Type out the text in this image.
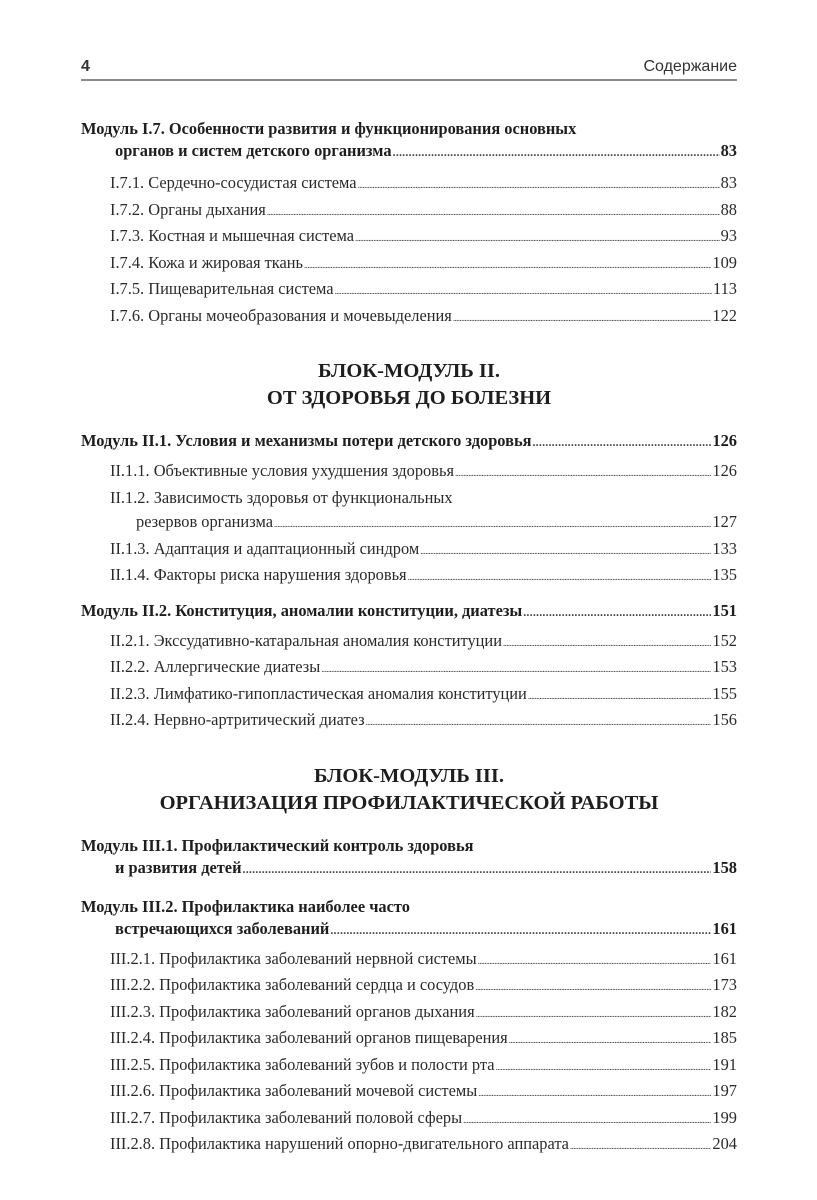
4	Содержание
Модуль I.7. Особенности развития и функционирования основных
органов и систем детского организма .....	83
I.7.1. Сердечно-сосудистая система .....	83
I.7.2. Органы дыхания .....	88
I.7.3. Костная и мышечная система .....	93
I.7.4. Кожа и жировая ткань .....	109
I.7.5. Пищеварительная система .....	113
I.7.6. Органы мочеобразования и мочевыделения .....	122
БЛОК-МОДУЛЬ II.
ОТ ЗДОРОВЬЯ ДО БОЛЕЗНИ
Модуль II.1. Условия и механизмы потери детского здоровья .....	126
II.1.1. Объективные условия ухудшения здоровья .....	126
II.1.2. Зависимость здоровья от функциональных
резервов организма .....	127
II.1.3. Адаптация и адаптационный синдром .....	133
II.1.4. Факторы риска нарушения здоровья .....	135
Модуль II.2. Конституция, аномалии конституции, диатезы .....	151
II.2.1. Экссудативно-катаральная аномалия конституции .....	152
II.2.2. Аллергические диатезы .....	153
II.2.3. Лимфатико-гипопластическая аномалия конституции .....	155
II.2.4. Нервно-артритический диатез .....	156
БЛОК-МОДУЛЬ III.
ОРГАНИЗАЦИЯ ПРОФИЛАКТИЧЕСКОЙ РАБОТЫ
Модуль III.1. Профилактический контроль здоровья
и развития детей .....	158
Модуль III.2. Профилактика наиболее часто
встречающихся заболеваний .....	161
III.2.1. Профилактика заболеваний нервной системы .....	161
III.2.2. Профилактика заболеваний сердца и сосудов .....	173
III.2.3. Профилактика заболеваний органов дыхания .....	182
III.2.4. Профилактика заболеваний органов пищеварения .....	185
III.2.5. Профилактика заболеваний зубов и полости рта .....	191
III.2.6. Профилактика заболеваний мочевой системы .....	197
III.2.7. Профилактика заболеваний половой сферы .....	199
III.2.8. Профилактика нарушений опорно-двигательного аппарата .....	204
